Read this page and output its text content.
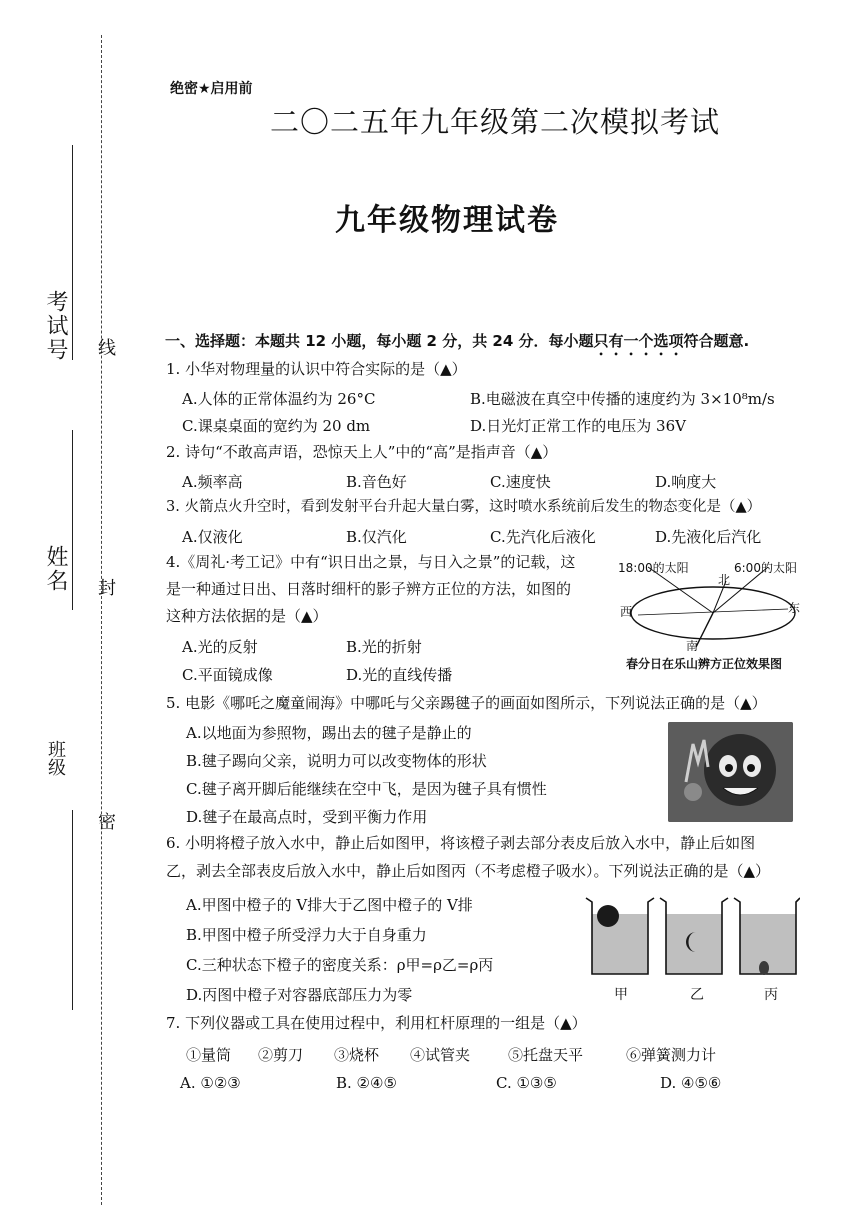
考试号 线
姓名 封
班级
密
绝密★启用前
二〇二五年九年级第二次模拟考试
九年级物理试卷
一、选择题：本题共 12 小题，每小题 2 分，共 24 分．每小题只有一个选项符合题意.
1. 小华对物理量的认识中符合实际的是（▲）
A.人体的正常体温约为 26°C	B.电磁波在真空中传播的速度约为 3×10⁸m/s
C.课桌桌面的宽约为 20 dm	D.日光灯正常工作的电压为 36V
2. 诗句“不敢高声语，恐惊天上人”中的“高”是指声音（▲）
A.频率高	B.音色好	C.速度快	D.响度大
3. 火箭点火升空时，看到发射平台升起大量白雾，这时喷水系统前后发生的物态变化是（▲）
A.仅液化	B.仅汽化	C.先汽化后液化	D.先液化后汽化
4.《周礼·考工记》中有“识日出之景，与日入之景”的记载，这
是一种通过日出、日落时细杆的影子辨方正位的方法，如图的
这种方法依据的是（▲）
A.光的反射	B.光的折射
C.平面镜成像	D.光的直线传播
18:00的太阳	6:00的太阳
北
西	东
南
春分日在乐山辨方正位效果图
5. 电影《哪吒之魔童闹海》中哪吒与父亲踢毽子的画面如图所示，下列说法正确的是（▲）
A.以地面为参照物，踢出去的毽子是静止的
B.毽子踢向父亲，说明力可以改变物体的形状
C.毽子离开脚后能继续在空中飞，是因为毽子具有惯性
D.毽子在最高点时，受到平衡力作用
6. 小明将橙子放入水中，静止后如图甲，将该橙子剥去部分表皮后放入水中，静止后如图
乙，剥去全部表皮后放入水中，静止后如图丙（不考虑橙子吸水）。下列说法正确的是（▲）
A.甲图中橙子的 V排大于乙图中橙子的 V排
B.甲图中橙子所受浮力大于自身重力
C.三种状态下橙子的密度关系：ρ甲=ρ乙=ρ丙
D.丙图中橙子对容器底部压力为零	甲	乙	丙
7. 下列仪器或工具在使用过程中，利用杠杆原理的一组是（▲）
①量筒 ②剪刀 ③烧杯 ④试管夹	⑤托盘天平	⑥弹簧测力计
A. ①②③	B. ②④⑤	C. ①③⑤	D. ④⑤⑥
